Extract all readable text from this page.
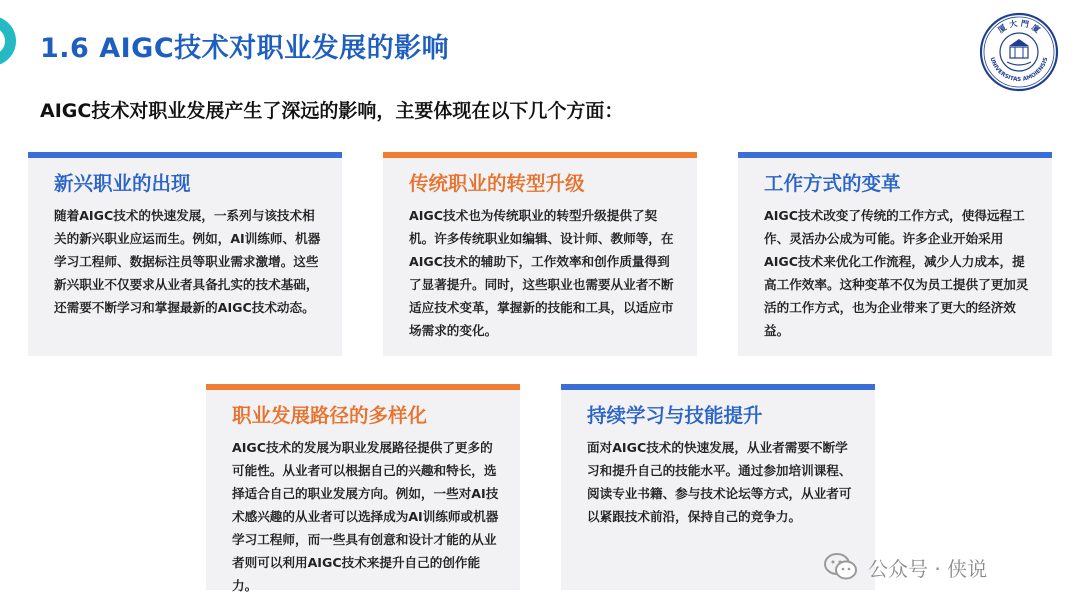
1.6 AIGC技术对职业发展的影响
厦 大 門 廈
UNIVERSITAS AMOIENSIS
AIGC技术对职业发展产生了深远的影响，主要体现在以下几个方面：
新兴职业的出现
随着AIGC技术的快速发展，一系列与该技术相关的新兴职业应运而生。例如，AI训练师、机器学习工程师、数据标注员等职业需求激增。这些新兴职业不仅要求从业者具备扎实的技术基础，还需要不断学习和掌握最新的AIGC技术动态。
传统职业的转型升级
AIGC技术也为传统职业的转型升级提供了契机。许多传统职业如编辑、设计师、教师等，在AIGC技术的辅助下，工作效率和创作质量得到了显著提升。同时，这些职业也需要从业者不断适应技术变革，掌握新的技能和工具，以适应市场需求的变化。
工作方式的变革
AIGC技术改变了传统的工作方式，使得远程工作、灵活办公成为可能。许多企业开始采用AIGC技术来优化工作流程，减少人力成本，提高工作效率。这种变革不仅为员工提供了更加灵活的工作方式，也为企业带来了更大的经济效益。
职业发展路径的多样化
AIGC技术的发展为职业发展路径提供了更多的可能性。从业者可以根据自己的兴趣和特长，选择适合自己的职业发展方向。例如，一些对AI技术感兴趣的从业者可以选择成为AI训练师或机器学习工程师，而一些具有创意和设计才能的从业者则可以利用AIGC技术来提升自己的创作能力。
持续学习与技能提升
面对AIGC技术的快速发展，从业者需要不断学习和提升自己的技能水平。通过参加培训课程、阅读专业书籍、参与技术论坛等方式，从业者可以紧跟技术前沿，保持自己的竞争力。
公众号 · 侠说
